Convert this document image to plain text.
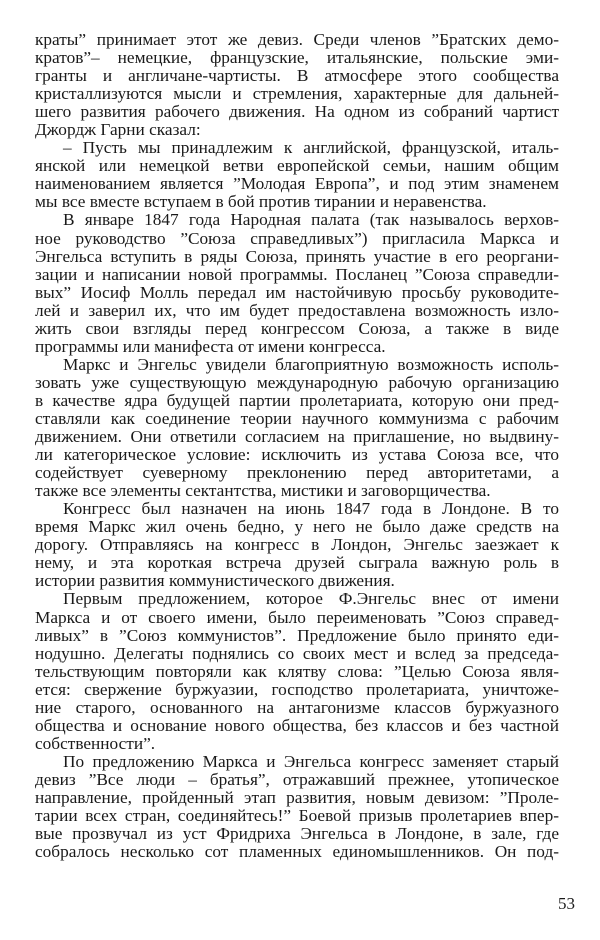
краты” принимает этот же девиз. Среди членов ”Братских демо-
кратов”– немецкие, французские, итальянские, польские эми-
гранты и англичане-чартисты. В атмосфере этого сообщества
кристаллизуются мысли и стремления, характерные для дальней-
шего развития рабочего движения. На одном из собраний чартист
Джордж Гарни сказал:
– Пусть мы принадлежим к английской, французской, италь-
янской или немецкой ветви европейской семьи, нашим общим
наименованием является ”Молодая Европа”, и под этим знаменем
мы все вместе вступаем в бой против тирании и неравенства.
В январе 1847 года Народная палата (так называлось верхов-
ное руководство ”Союза справедливых”) пригласила Маркса и
Энгельса вступить в ряды Союза, принять участие в его реоргани-
зации и написании новой программы. Посланец ”Союза справедли-
вых” Иосиф Молль передал им настойчивую просьбу руководите-
лей и заверил их, что им будет предоставлена возможность изло-
жить свои взгляды перед конгрессом Союза, а также в виде
программы или манифеста от имени конгресса.
Маркс и Энгельс увидели благоприятную возможность исполь-
зовать уже существующую международную рабочую организацию
в качестве ядра будущей партии пролетариата, которую они пред-
ставляли как соединение теории научного коммунизма с рабочим
движением. Они ответили согласием на приглашение, но выдвину-
ли категорическое условие: исключить из устава Союза все, что
содействует суеверному преклонению перед авторитетами, а
также все элементы сектантства, мистики и заговорщичества.
Конгресс был назначен на июнь 1847 года в Лондоне. В то
время Маркс жил очень бедно, у него не было даже средств на
дорогу. Отправляясь на конгресс в Лондон, Энгельс заезжает к
нему, и эта короткая встреча друзей сыграла важную роль в
истории развития коммунистического движения.
Первым предложением, которое Ф.Энгельс внес от имени
Маркса и от своего имени, было переименовать ”Союз справед-
ливых” в ”Союз коммунистов”. Предложение было принято еди-
нодушно. Делегаты поднялись со своих мест и вслед за председа-
тельствующим повторяли как клятву слова: ”Целью Союза явля-
ется: свержение буржуазии, господство пролетариата, уничтоже-
ние старого, основанного на антагонизме классов буржуазного
общества и основание нового общества, без классов и без частной
собственности”.
По предложению Маркса и Энгельса конгресс заменяет старый
девиз ”Все люди – братья”, отражавший прежнее, утопическое
направление, пройденный этап развития, новым девизом: ”Проле-
тарии всех стран, соединяйтесь!” Боевой призыв пролетариев впер-
вые прозвучал из уст Фридриха Энгельса в Лондоне, в зале, где
собралось несколько сот пламенных единомышленников. Он под-
53
